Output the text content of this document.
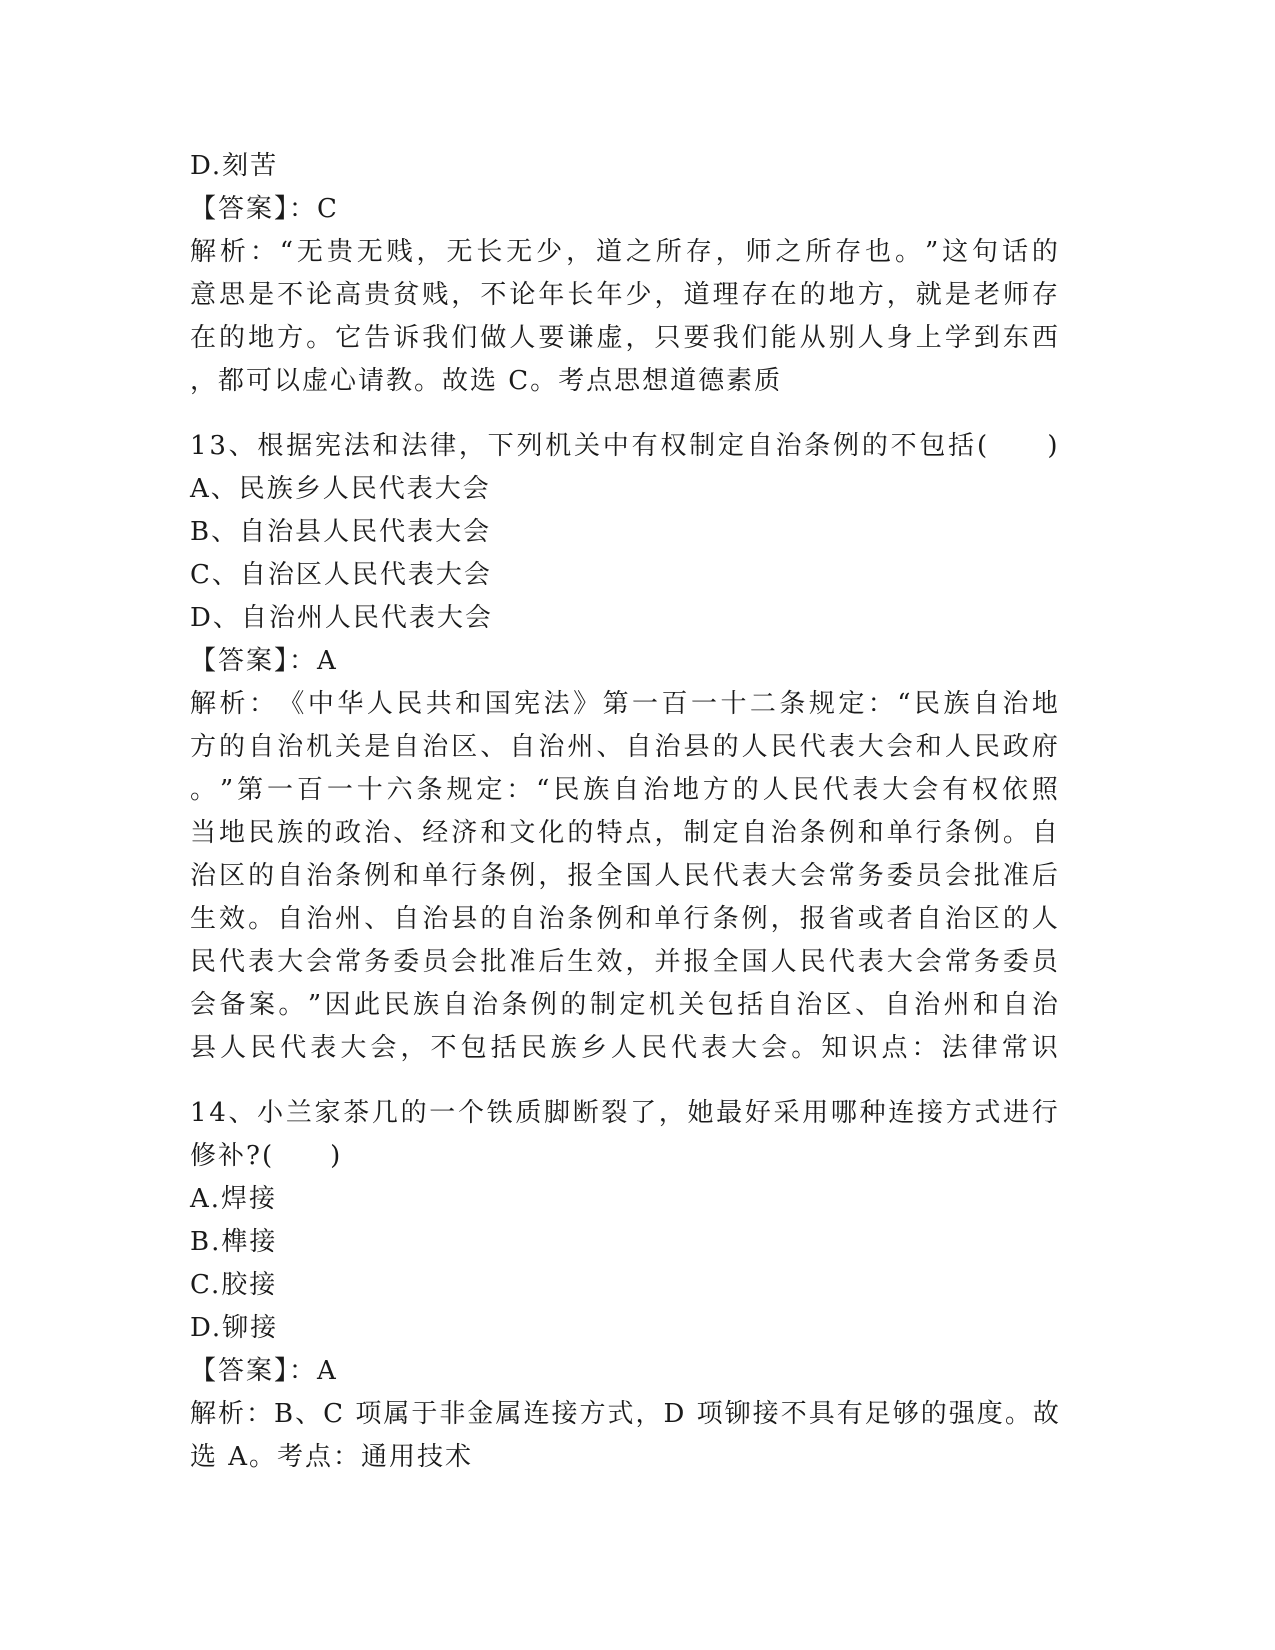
D.刻苦
【答案】：C
解 析 ： “ 无 贵 无 贱 ， 无 长 无 少 ， 道 之 所 存 ， 师 之 所 存 也 。 ” 这 句 话 的
意 思 是 不 论 高 贵 贫 贱 ， 不 论 年 长 年 少 ， 道 理 存 在 的 地 方 ， 就 是 老 师 存
在 的 地 方 。 它 告 诉 我 们 做 人 要 谦 虚 ， 只 要 我 们 能 从 别 人 身 上 学 到 东 西
，都可以虚心请教。故选 C。考点思想道德素质
1 3 、 根 据 宪 法 和 法 律 ， 下 列 机 关 中 有 权 制 定 自 治 条 例 的 不 包 括 (

　 )
A、民族乡人民代表大会
B、自治县人民代表大会
C、自治区人民代表大会
D、自治州人民代表大会
【答案】：A
解 析 ： 《 中 华 人 民 共 和 国 宪 法 》 第 一 百 一 十 二 条 规 定 ： “ 民 族 自 治 地
方 的 自 治 机 关 是 自 治 区 、 自 治 州 、 自 治 县 的 人 民 代 表 大 会 和 人 民 政 府
。 ” 第 一 百 一 十 六 条 规 定 ： “ 民 族 自 治 地 方 的 人 民 代 表 大 会 有 权 依 照
当 地 民 族 的 政 治 、 经 济 和 文 化 的 特 点 ， 制 定 自 治 条 例 和 单 行 条 例 。 自
治 区 的 自 治 条 例 和 单 行 条 例 ， 报 全 国 人 民 代 表 大 会 常 务 委 员 会 批 准 后
生 效 。 自 治 州 、 自 治 县 的 自 治 条 例 和 单 行 条 例 ， 报 省 或 者 自 治 区 的 人
民 代 表 大 会 常 务 委 员 会 批 准 后 生 效 ， 并 报 全 国 人 民 代 表 大 会 常 务 委 员
会 备 案 。 ” 因 此 民 族 自 治 条 例 的 制 定 机 关 包 括 自 治 区 、 自 治 州 和 自 治
县 人 民 代 表 大 会 ， 不 包 括 民 族 乡 人 民 代 表 大 会 。 知 识 点 ： 法 律 常 识
1 4 、 小 兰 家 茶 几 的 一 个 铁 质 脚 断 裂 了 ， 她 最 好 采 用 哪 种 连 接 方 式 进 行
修补?(　　)
A.焊接
B.榫接
C.胶接
D.铆接
【答案】：A
解 析 ： B 、 C
项 属 于 非 金 属 连 接 方 式 ， D
项 铆 接 不 具 有 足 够 的 强 度 。 故
选 A。考点：通用技术
